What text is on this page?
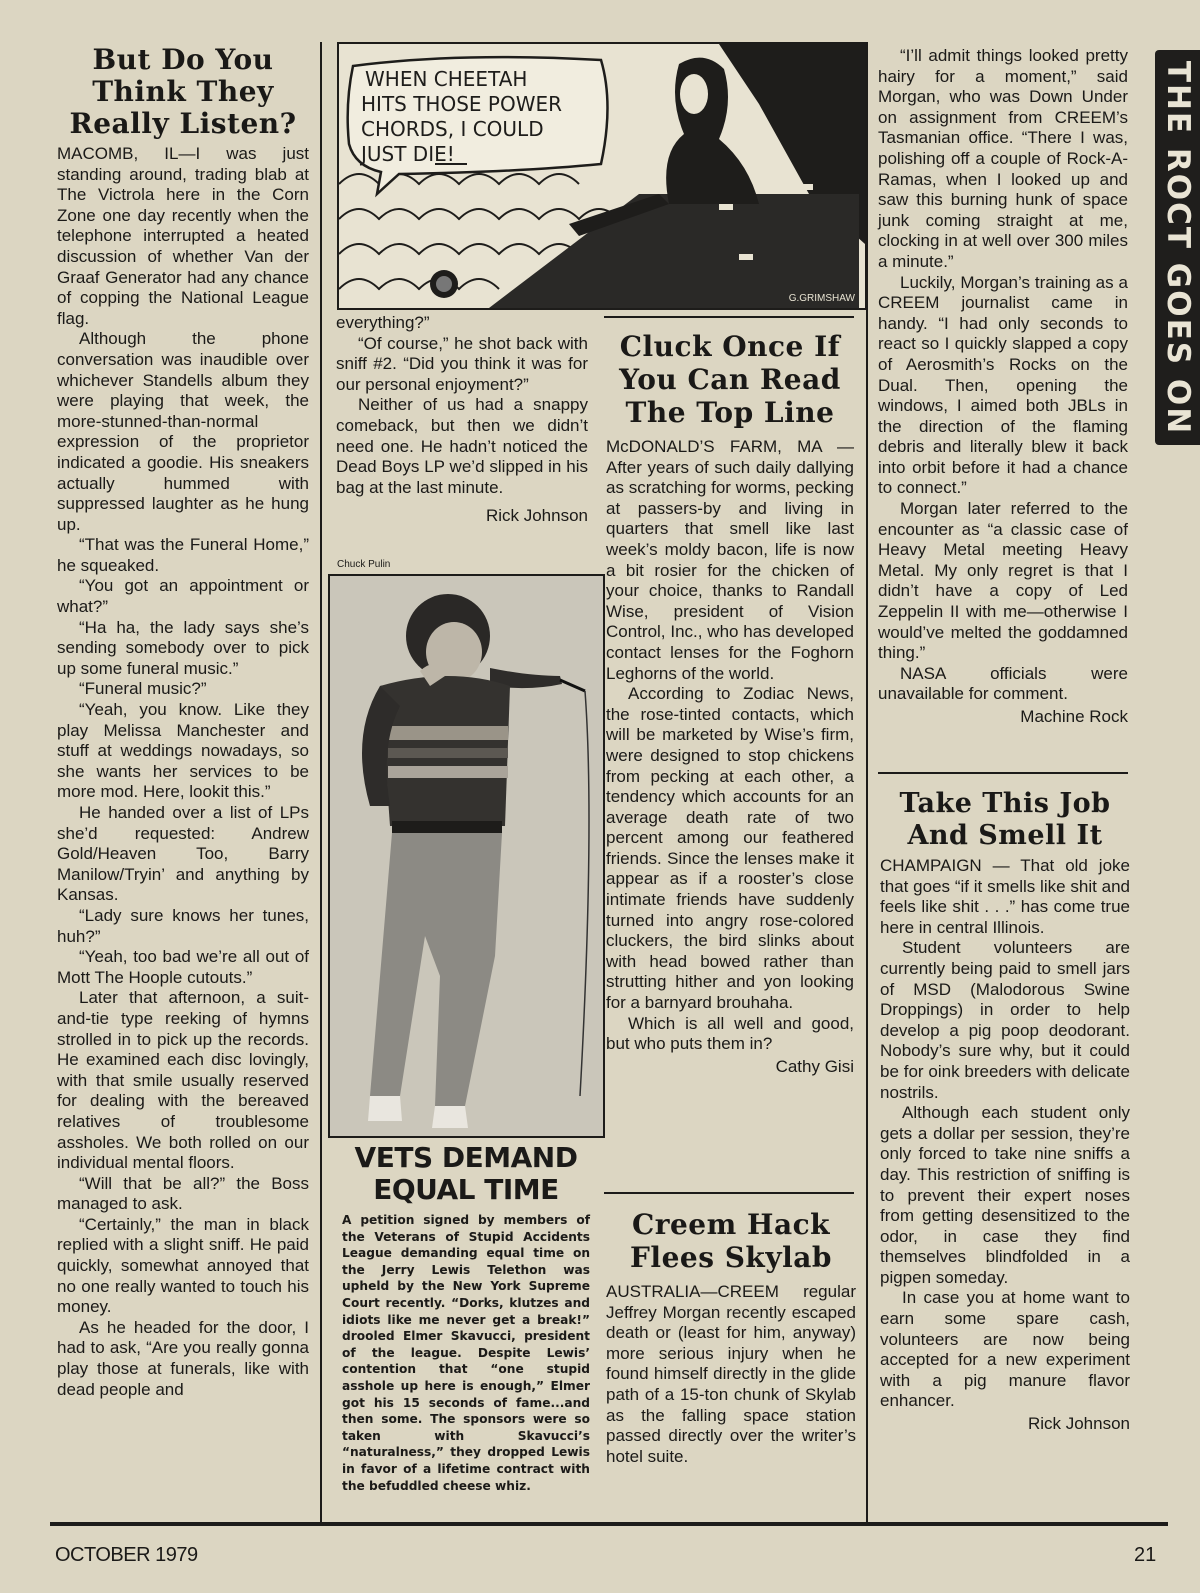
THE ROCT GOES ON
But Do You Think They Really Listen?

MACOMB, IL—I was just standing around, trading blab at The Victrola here in the Corn Zone one day recently when the telephone interrupted a heated discussion of whether Van der Graaf Generator had any chance of copping the National League flag.

Although the phone conversation was inaudible over whichever Standells album they were playing that week, the more-stunned-than-normal expression of the proprietor indicated a goodie. His sneakers actually hummed with suppressed laughter as he hung up.

“That was the Funeral Home,” he squeaked.

“You got an appointment or what?”

“Ha ha, the lady says she’s sending somebody over to pick up some funeral music.”

“Funeral music?”

“Yeah, you know. Like they play Melissa Manchester and stuff at weddings nowadays, so she wants her services to be more mod. Here, lookit this.”

He handed over a list of LPs she’d requested: Andrew Gold/Heaven Too, Barry Manilow/Tryin’ and anything by Kansas.

“Lady sure knows her tunes, huh?”

“Yeah, too bad we’re all out of Mott The Hoople cutouts.”

Later that afternoon, a suit-and-tie type reeking of hymns strolled in to pick up the records. He examined each disc lovingly, with that smile usually reserved for dealing with the bereaved relatives of troublesome assholes. We both rolled on our individual mental floors.

“Will that be all?” the Boss managed to ask.

“Certainly,” the man in black replied with a slight sniff. He paid quickly, somewhat annoyed that no one really wanted to touch his money.

As he headed for the door, I had to ask, “Are you really gonna play those at funerals, like with dead people and

WHEN CHEETAH
HITS THOSE POWER
CHORDS, I COULD
JUST DIE!
G.GRIMSHAW

everything?”

“Of course,” he shot back with sniff #2. “Did you think it was for our personal enjoyment?”

Neither of us had a snappy comeback, but then we didn’t need one. He hadn’t noticed the Dead Boys LP we’d slipped in his bag at the last minute.

Rick Johnson
Chuck Pulin
VETS DEMAND EQUAL TIME

A petition signed by members of the Veterans of Stupid Accidents League demanding equal time on the Jerry Lewis Telethon was upheld by the New York Supreme Court recently. “Dorks, klutzes and idiots like me never get a break!” drooled Elmer Skavucci, president of the league. Despite Lewis’ contention that “one stupid asshole up here is enough,” Elmer got his 15 seconds of fame...and then some. The sponsors were so taken with Skavucci’s “naturalness,” they dropped Lewis in favor of a lifetime contract with the befuddled cheese whiz.

Cluck Once If You Can Read The Top Line

McDONALD’S FARM, MA —After years of such daily dallying as scratching for worms, pecking at passers-by and living in quarters that smell like last week’s moldy bacon, life is now a bit rosier for the chicken of your choice, thanks to Randall Wise, president of Vision Control, Inc., who has developed contact lenses for the Foghorn Leghorns of the world.

According to Zodiac News, the rose-tinted contacts, which will be marketed by Wise’s firm, were designed to stop chickens from pecking at each other, a tendency which accounts for an average death rate of two percent among our feathered friends. Since the lenses make it appear as if a rooster’s close intimate friends have suddenly turned into angry rose-colored cluckers, the bird slinks about with head bowed rather than strutting hither and yon looking for a barnyard brouhaha.

Which is all well and good, but who puts them in?

Cathy Gisi
Creem Hack Flees Skylab

AUSTRALIA—CREEM regular Jeffrey Morgan recently escaped death or (least for him, anyway) more serious injury when he found himself directly in the glide path of a 15-ton chunk of Skylab as the falling space station passed directly over the writer’s hotel suite.

“I’ll admit things looked pretty hairy for a moment,” said Morgan, who was Down Under on assignment from CREEM’s Tasmanian office. “There I was, polishing off a couple of Rock-A-Ramas, when I looked up and saw this burning hunk of space junk coming straight at me, clocking in at well over 300 miles a minute.”

Luckily, Morgan’s training as a CREEM journalist came in handy. “I had only seconds to react so I quickly slapped a copy of Aerosmith’s Rocks on the Dual. Then, opening the windows, I aimed both JBLs in the direction of the flaming debris and literally blew it back into orbit before it had a chance to connect.”

Morgan later referred to the encounter as “a classic case of Heavy Metal meeting Heavy Metal. My only regret is that I didn’t have a copy of Led Zeppelin II with me—otherwise I would’ve melted the goddamned thing.”

NASA officials were unavailable for comment.

Machine Rock
Take This Job And Smell It

CHAMPAIGN — That old joke that goes “if it smells like shit and feels like shit . . .” has come true here in central Illinois.

Student volunteers are currently being paid to smell jars of MSD (Malodorous Swine Droppings) in order to help develop a pig poop deodorant. Nobody’s sure why, but it could be for oink breeders with delicate nostrils.

Although each student only gets a dollar per session, they’re only forced to take nine sniffs a day. This restriction of sniffing is to prevent their expert noses from getting desensitized to the odor, in case they find themselves blindfolded in a pigpen someday.

In case you at home want to earn some spare cash, volunteers are now being accepted for a new experiment with a pig manure flavor enhancer.

Rick Johnson
OCTOBER 1979	21
